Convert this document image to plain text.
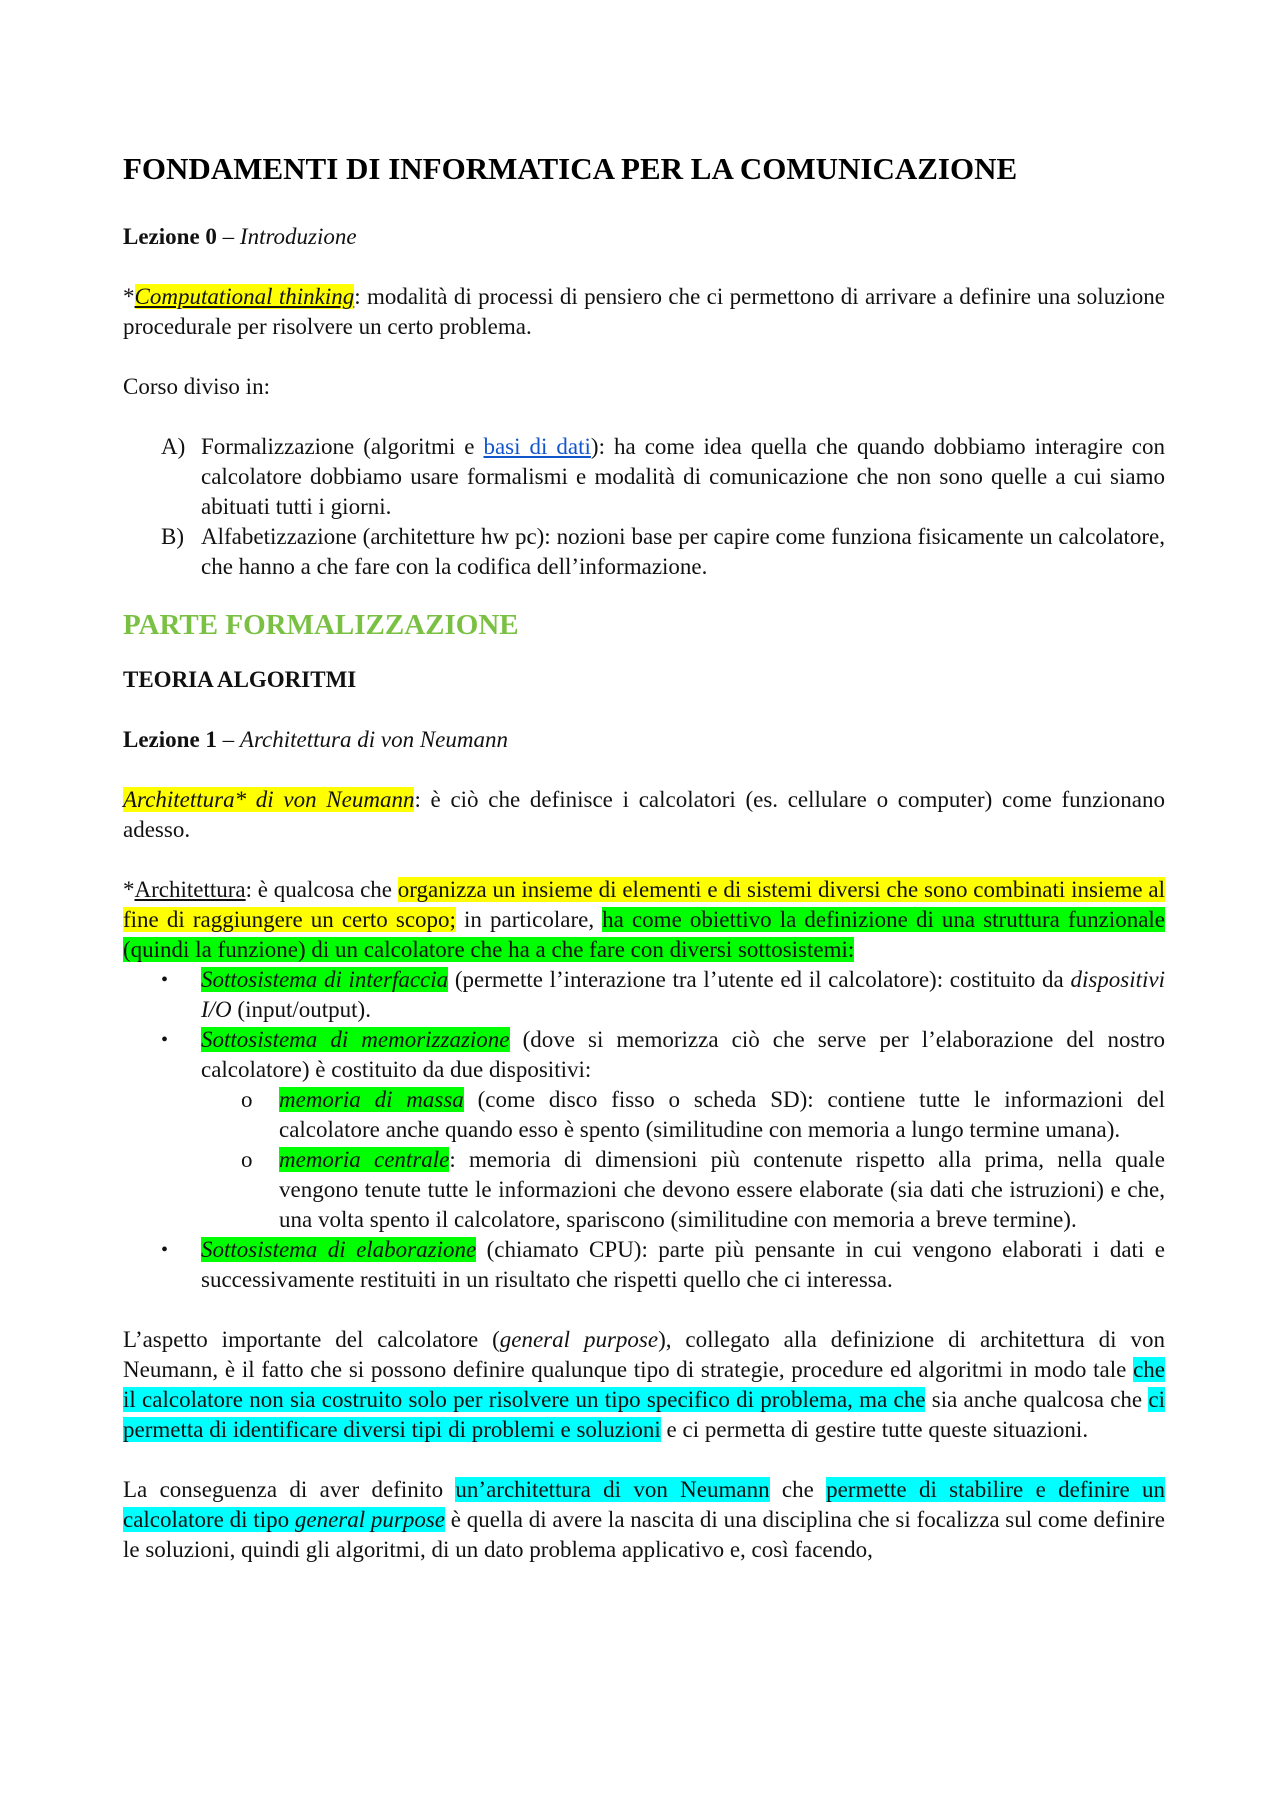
FONDAMENTI DI INFORMATICA PER LA COMUNICAZIONE

Lezione 0 – Introduzione

*Computational thinking: modalità di processi di pensiero che ci permettono di arrivare a definire una soluzione procedurale per risolvere un certo problema.

Corso diviso in:

A) Formalizzazione (algoritmi e basi di dati): ha come idea quella che quando dobbiamo interagire con calcolatore dobbiamo usare formalismi e modalità di comunicazione che non sono quelle a cui siamo abituati tutti i giorni.
B) Alfabetizzazione (architetture hw pc): nozioni base per capire come funziona fisicamente un calcolatore, che hanno a che fare con la codifica dell’informazione.

PARTE FORMALIZZAZIONE

TEORIA ALGORITMI

Lezione 1 – Architettura di von Neumann

Architettura* di von Neumann: è ciò che definisce i calcolatori (es. cellulare o computer) come funzionano adesso.

*Architettura: è qualcosa che organizza un insieme di elementi e di sistemi diversi che sono combinati insieme al fine di raggiungere un certo scopo; in particolare, ha come obiettivo la definizione di una struttura funzionale (quindi la funzione) di un calcolatore che ha a che fare con diversi sottosistemi:

• Sottosistema di interfaccia (permette l’interazione tra l’utente ed il calcolatore): costituito da dispositivi I/O (input/output).
• Sottosistema di memorizzazione (dove si memorizza ciò che serve per l’elaborazione del nostro calcolatore) è costituito da due dispositivi:
o memoria di massa (come disco fisso o scheda SD): contiene tutte le informazioni del calcolatore anche quando esso è spento (similitudine con memoria a lungo termine umana).
o memoria centrale: memoria di dimensioni più contenute rispetto alla prima, nella quale vengono tenute tutte le informazioni che devono essere elaborate (sia dati che istruzioni) e che, una volta spento il calcolatore, spariscono (similitudine con memoria a breve termine).
• Sottosistema di elaborazione (chiamato CPU): parte più pensante in cui vengono elaborati i dati e successivamente restituiti in un risultato che rispetti quello che ci interessa.

L’aspetto importante del calcolatore (general purpose), collegato alla definizione di architettura di von Neumann, è il fatto che si possono definire qualunque tipo di strategie, procedure ed algoritmi in modo tale che il calcolatore non sia costruito solo per risolvere un tipo specifico di problema, ma che sia anche qualcosa che ci permetta di identificare diversi tipi di problemi e soluzioni e ci permetta di gestire tutte queste situazioni.

La conseguenza di aver definito un’architettura di von Neumann che permette di stabilire e definire un calcolatore di tipo general purpose è quella di avere la nascita di una disciplina che si focalizza sul come definire le soluzioni, quindi gli algoritmi, di un dato problema applicativo e, così facendo,
